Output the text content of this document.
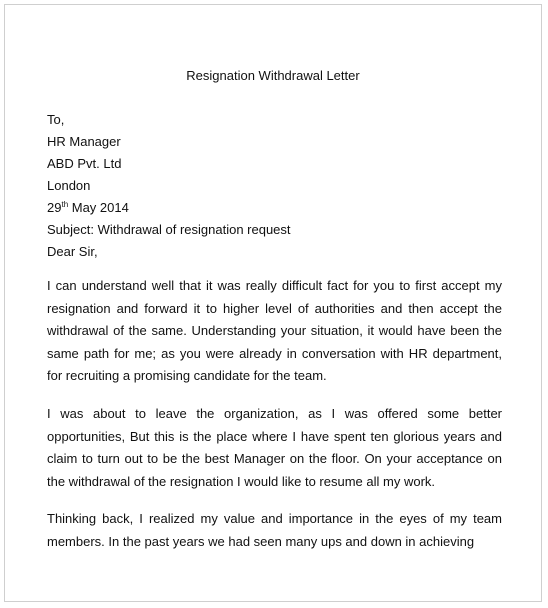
Resignation Withdrawal Letter
To,
HR Manager
ABD Pvt. Ltd
London
29th May 2014
Subject: Withdrawal of resignation request
Dear Sir,

I can understand well that it was really difficult fact for you to first accept my resignation and forward it to higher level of authorities and then accept the withdrawal of the same. Understanding your situation, it would have been the same path for me; as you were already in conversation with HR department, for recruiting a promising candidate for the team.

I was about to leave the organization, as I was offered some better opportunities, But this is the place where I have spent ten glorious years and claim to turn out to be the best Manager on the floor. On your acceptance on the withdrawal of the resignation I would like to resume all my work.

Thinking back, I realized my value and importance in the eyes of my team members. In the past years we had seen many ups and down in achieving
